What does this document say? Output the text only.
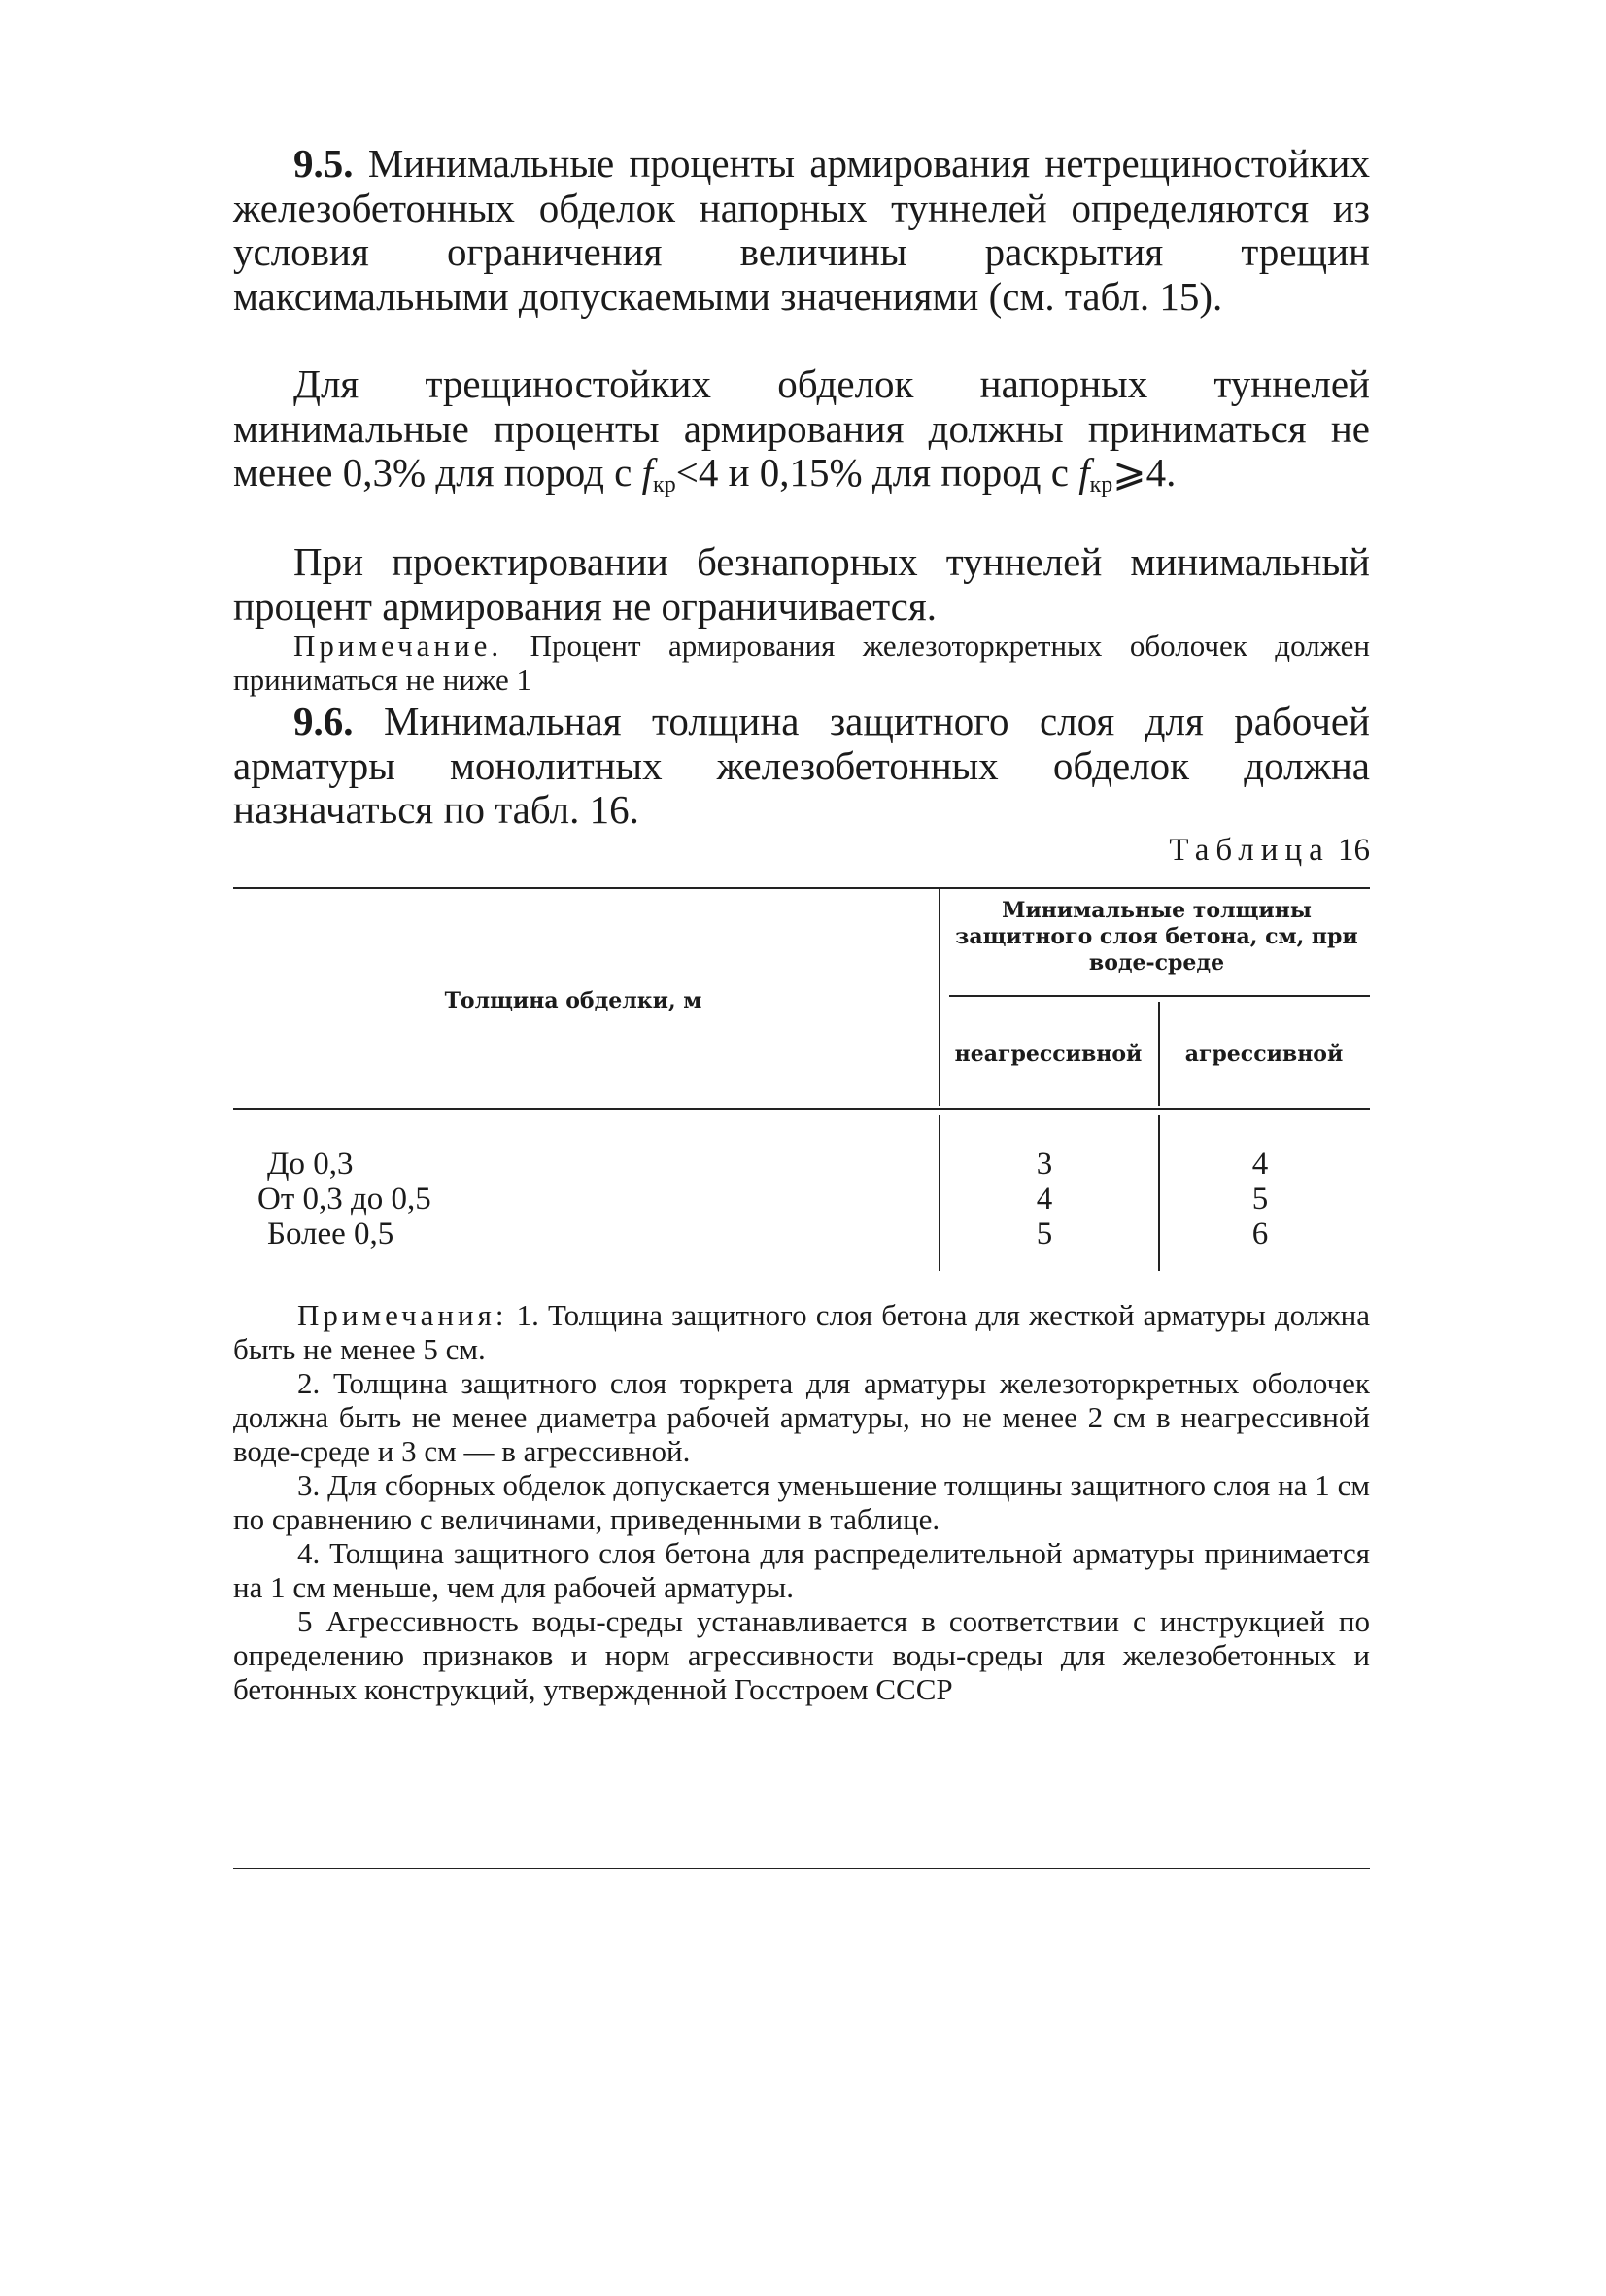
9.5. Минимальные проценты армирования нетрещиностойких железобетонных обделок напорных туннелей определяются из условия ограничения величины раскрытия трещин максимальными допускаемыми значениями (см. табл. 15).

Для трещиностойких обделок напорных туннелей минимальные проценты армирования должны приниматься не менее 0,3% для пород с $f_{кр}<4$ и 0,15% для пород с $f_{кр}⩾4$.

При проектировании безнапорных туннелей минимальный процент армирования не ограничивается.

Примечание. Процент армирования железоторкретных оболочек должен приниматься не ниже 1

9.6. Минимальная толщина защитного слоя для рабочей арматуры монолитных железобетонных обделок должна назначаться по табл. 16.

Таблица 16
Толщина обделки, м
Минимальные толщины защитного слоя бетона, см, при воде-среде
неагрессивной	агрессивной
До 0,3	3	4
От 0,3 до 0,5	4	5
Более 0,5	5	6

Примечания: 1. Толщина защитного слоя бетона для жесткой арматуры должна быть не менее 5 см.

2. Толщина защитного слоя торкрета для арматуры железоторкретных оболочек должна быть не менее диаметра рабочей арматуры, но не менее 2 см в неагрессивной воде-среде и 3 см — в агрессивной.

3. Для сборных обделок допускается уменьшение толщины защитного слоя на 1 см по сравнению с величинами, приведенными в таблице.

4. Толщина защитного слоя бетона для распределительной арматуры принимается на 1 см меньше, чем для рабочей арматуры.

5 Агрессивность воды-среды устанавливается в соответствии с инструкцией по определению признаков и норм агрессивности воды-среды для железобетонных и бетонных конструкций, утвержденной Госстроем СССР
